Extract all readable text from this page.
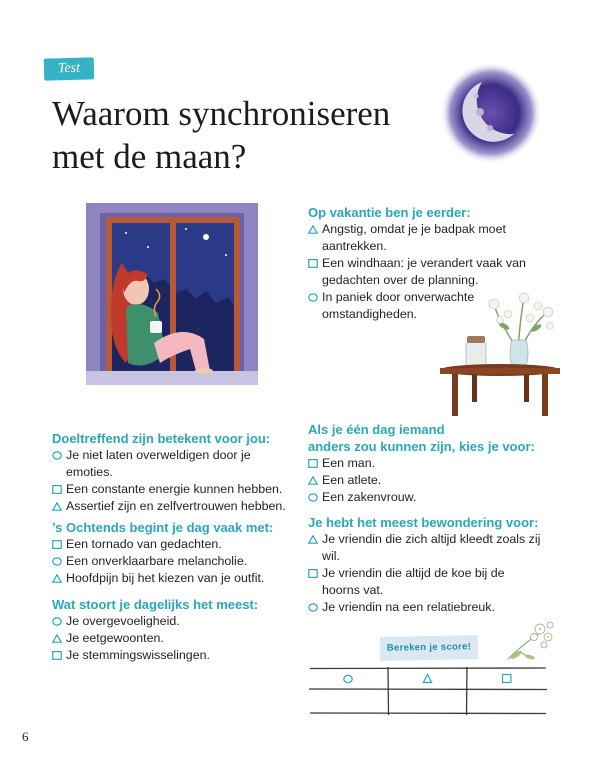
Test
Waarom synchroniseren
met de maan?
Op vakantie ben je eerder:
Angstig, omdat je je badpak moet
aantrekken.
Een windhaan: je verandert vaak van
gedachten over de planning.
In paniek door onverwachte
omstandigheden.
Doeltreffend zijn betekent voor jou:
Je niet laten overweldigen door je
emoties.
Een constante energie kunnen hebben.
Assertief zijn en zelfvertrouwen hebben.
’s Ochtends begint je dag vaak met:
Een tornado van gedachten.
Een onverklaarbare melancholie.
Hoofdpijn bij het kiezen van je outfit.
Wat stoort je dagelijks het meest:
Je overgevoeligheid.
Je eetgewoonten.
Je stemmingswisselingen.
Als je één dag iemand
anders zou kunnen zijn, kies je voor:
Een man.
Een atlete.
Een zakenvrouw.
Je hebt het meest bewondering voor:
Je vriendin die zich altijd kleedt zoals zij
wil.
Je vriendin die altijd de koe bij de
hoorns vat.
Je vriendin na een relatiebreuk.
Bereken je score!
6
